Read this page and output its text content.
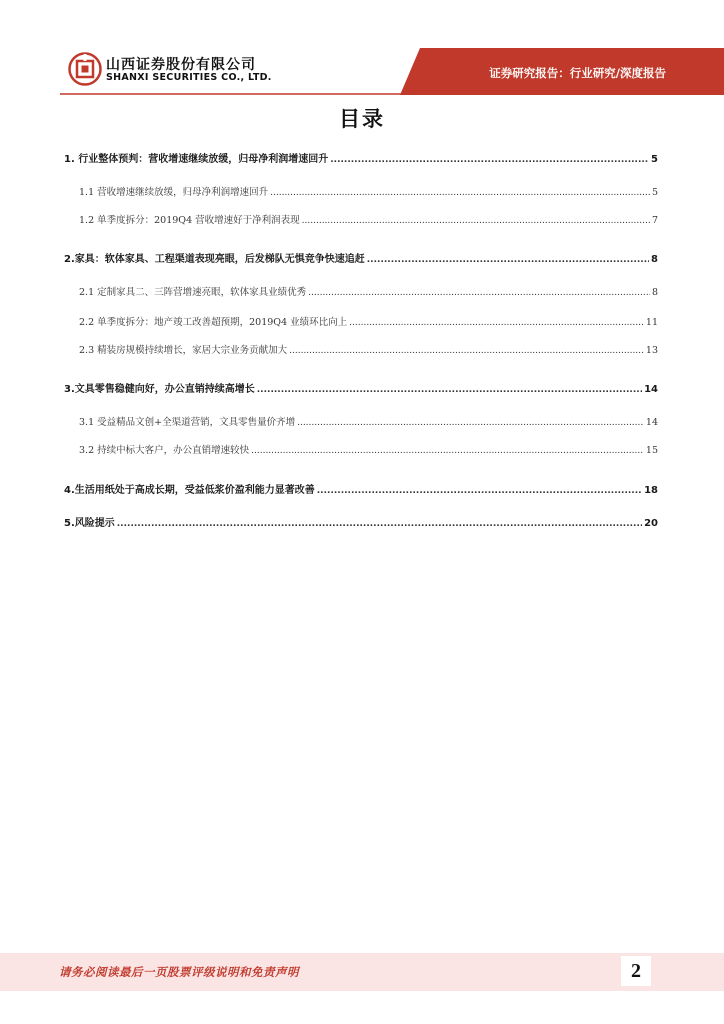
山西证券股份有限公司
SHANXI SECURITIES CO., LTD.	证券研究报告：行业研究/深度报告
目录
1. 行业整体预判：营收增速继续放缓，归母净利润增速回升 .....	5
1.1 营收增速继续放缓，归母净利润增速回升 .....	5
1.2 单季度拆分：2019Q4 营收增速好于净利润表现 .....	7
2.家具：软体家具、工程渠道表现亮眼，后发梯队无惧竞争快速追赶 .....	8
2.1 定制家具二、三阵营增速亮眼，软体家具业绩优秀 .....	8
2.2 单季度拆分：地产竣工改善超预期，2019Q4 业绩环比向上 .....	11
2.3 精装房规模持续增长，家居大宗业务贡献加大 .....	13
3.文具零售稳健向好，办公直销持续高增长 .....	14
3.1 受益精品文创+全渠道营销，文具零售量价齐增 .....	14
3.2 持续中标大客户，办公直销增速较快 .....	15
4.生活用纸处于高成长期，受益低浆价盈利能力显著改善 .....	18
5.风险提示 .....	20
请务必阅读最后一页股票评级说明和免责声明	2
